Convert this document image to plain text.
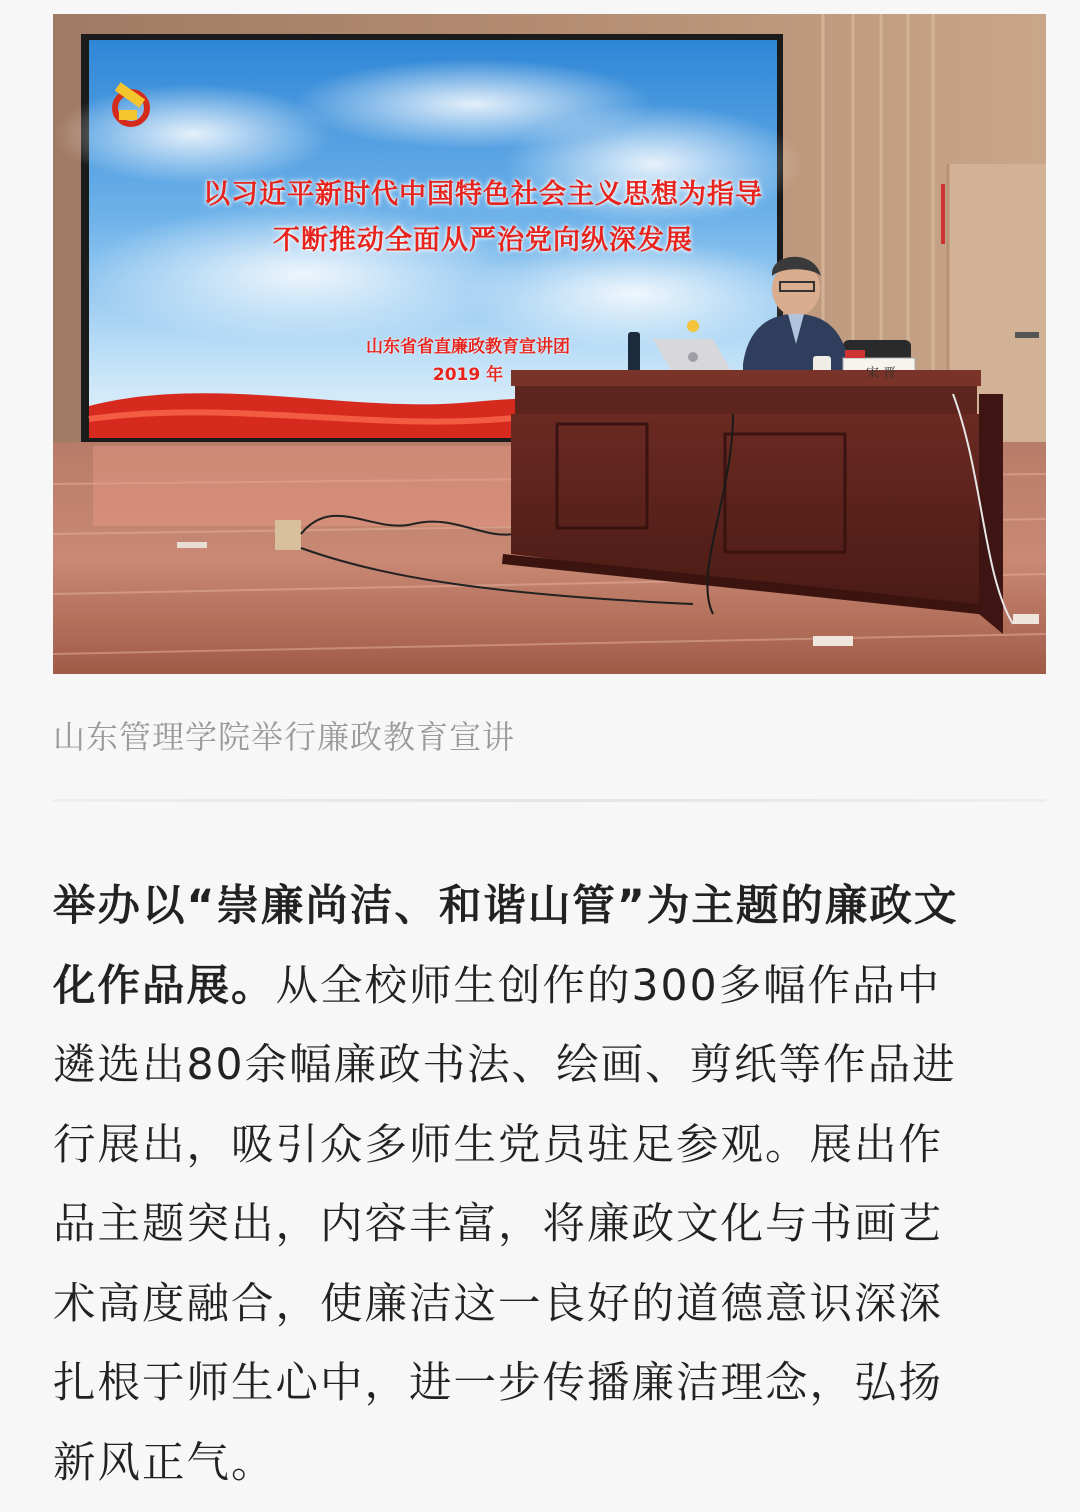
以习近平新时代中国特色社会主义思想为指导
不断推动全面从严治党向纵深发展
山东省省直廉政教育宣讲团
2019 年	宋 晋
山东管理学院举行廉政教育宣讲
举办以“崇廉尚洁、和谐山管”为主题的廉政文
化作品展。从全校师生创作的300多幅作品中
遴选出80余幅廉政书法、绘画、剪纸等作品进
行展出，吸引众多师生党员驻足参观。展出作
品主题突出，内容丰富，将廉政文化与书画艺
术高度融合，使廉洁这一良好的道德意识深深
扎根于师生心中，进一步传播廉洁理念，弘扬
新风正气。
